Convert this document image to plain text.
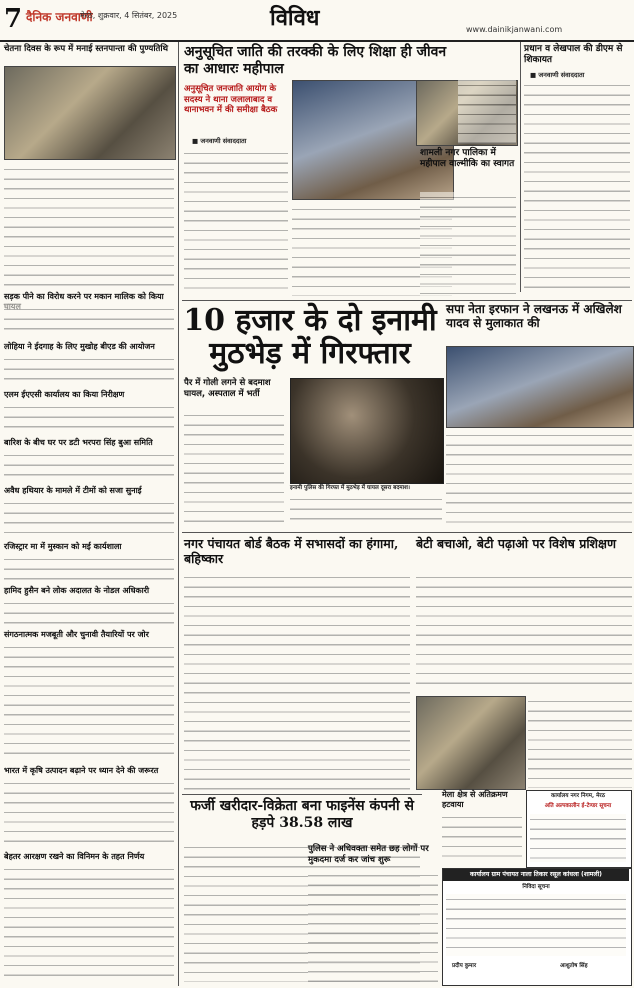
7 दैनिक जनवाणी
मेरठ, शुक्रवार, 4 सितंबर, 2025	विविध	www.dainikjanwani.com
चेतना दिवस के रूप में मनाई स्तनपान्ता की पुण्यतिथि
सड़क पीने का विरोध करने पर मकान मालिक को किया
लोहिया ने ईदगाह के लिए मुखोह बीएड की आयोजन
एलम ईएएसी कार्यालय का किया निरीक्षण
बारिश के बीच घर पर डटी भरपरा सिंह बुआ समिति
अवैध हथियार के मामले में टीमों को सजा सुनाई
रजिस्ट्रार मा में मुस्कान को मई कार्यशाला
हामिद हुसैन बने लोक अदालत के नोडल अधिकारी
संगठनात्मक मजबूती और चुनावी तैयारियों पर जोर
भारत में कृषि उत्पादन बढ़ाने पर ध्यान देने की जरूरत
बेहतर आरक्षण रखने का विनिमन के तहत निर्णय
अनुसूचित जाति की तरक्की के लिए शिक्षा ही जीवन का आधारः महीपाल
अनुसूचित जनजाति आयोग के सदस्य ने थाना जलालाबाद व थानाभवन में की समीक्षा बैठक
■ जनवाणी संवाददाता
शामली नगर पालिका में महीपाल वाल्मीकि का स्वागत
प्रधान व लेखपाल की डीएम से शिकायत
■ जनवाणी संवाददाता
10 हजार के दो इनामी मुठभेड़ में गिरफ्तार
पैर में गोली लगने से बदमाश घायल, अस्पताल में भर्ती
इनामी पुलिस की गिरफ्त में मुठभेड़ में घायल दूसरा बदमाश।
सपा नेता इरफान ने लखनऊ में अखिलेश यादव से मुलाकात की
नगर पंचायत बोर्ड बैठक में सभासदों का हंगामा, बहिष्कार
बेटी बचाओ, बेटी पढ़ाओ पर विशेष प्रशिक्षण
फर्जी खरीदार-विक्रेता बना फाइनेंस कंपनी से हड़पे 38.58 लाख
पुलिस ने अधिवक्ता समेत छह लोगों पर मुकदमा दर्ज कर जांच शुरू
मेला क्षेत्र से अतिक्रमण हटवाया
कार्यालय नगर निगम, मेरठ
अति अल्पकालीन ई-टेण्डर सूचना
कार्यालय ग्राम पंचायत नाला तिकार रसूल कांधला (शामली)
निविदा सूचना
प्रदीप कुमार	आशुतोष सिंह
